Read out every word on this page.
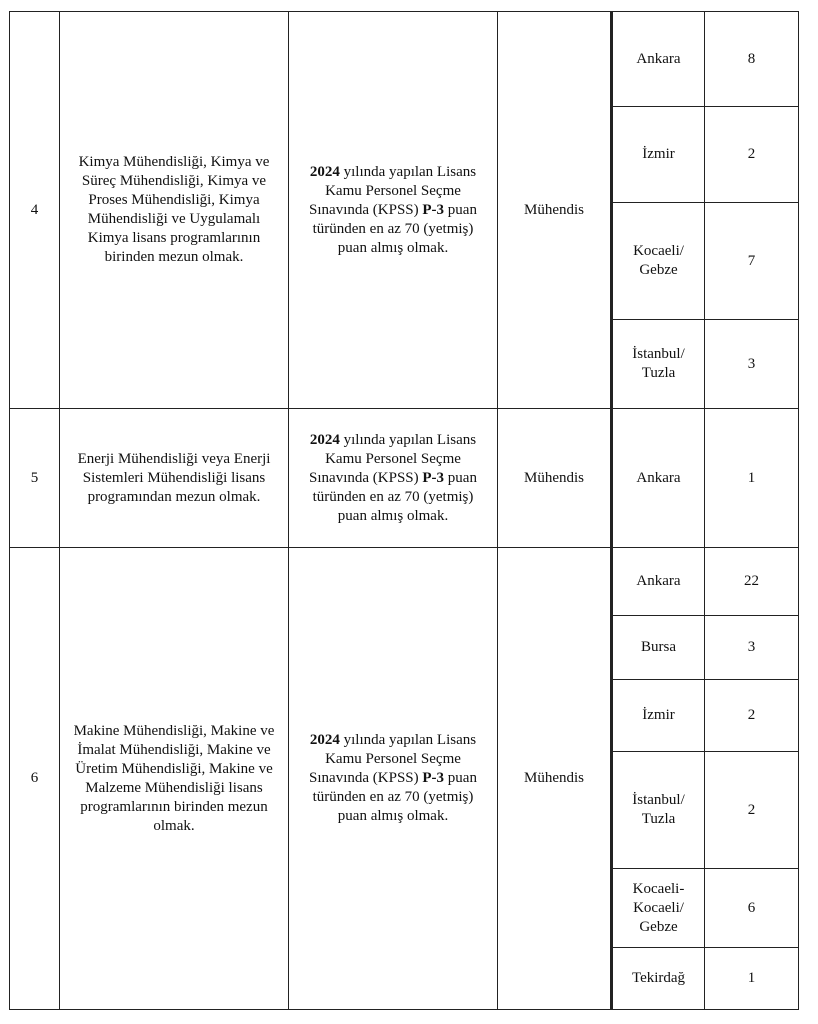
4	Kimya Mühendisliği, Kimya ve Süreç Mühendisliği, Kimya ve Proses Mühendisliği, Kimya Mühendisliği ve Uygulamalı Kimya lisans programlarının birinden mezun olmak.	2024 yılında yapılan Lisans Kamu Personel Seçme Sınavında (KPSS) P-3 puan türünden en az 70 (yetmiş) puan almış olmak.	Mühendis	Ankara	8
				İzmir	2
				Kocaeli/ Gebze	7
				İstanbul/ Tuzla	3
5	Enerji Mühendisliği veya Enerji Sistemleri Mühendisliği lisans programından mezun olmak.	2024 yılında yapılan Lisans Kamu Personel Seçme Sınavında (KPSS) P-3 puan türünden en az 70 (yetmiş) puan almış olmak.	Mühendis	Ankara	1
6	Makine Mühendisliği, Makine ve İmalat Mühendisliği, Makine ve Üretim Mühendisliği, Makine ve Malzeme Mühendisliği lisans programlarının birinden mezun olmak.	2024 yılında yapılan Lisans Kamu Personel Seçme Sınavında (KPSS) P-3 puan türünden en az 70 (yetmiş) puan almış olmak.	Mühendis	Ankara	22
				Bursa	3
				İzmir	2
				İstanbul/ Tuzla	2
				Kocaeli- Kocaeli/ Gebze	6
				Tekirdağ	1
